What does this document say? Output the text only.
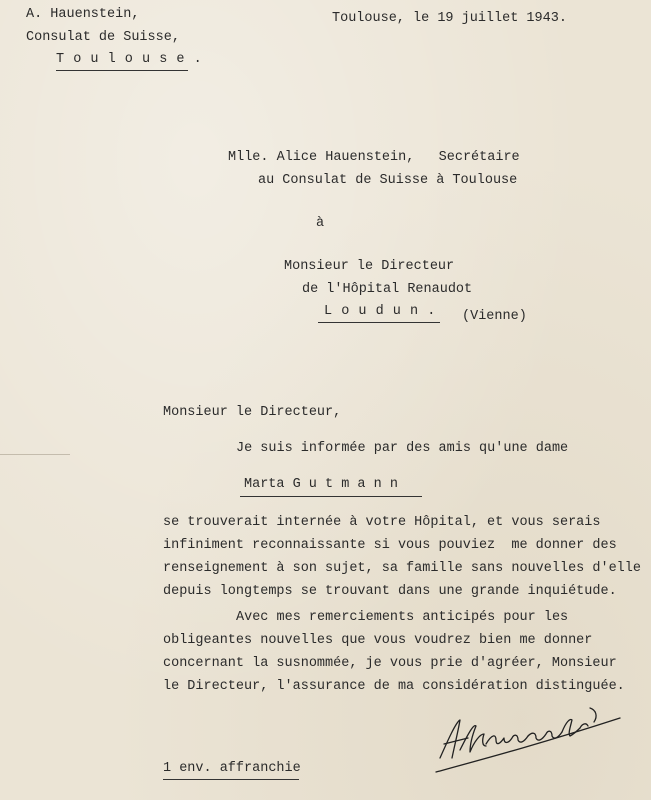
A. Hauenstein,
Consulat de Suisse,
T o u l o u s e .
Toulouse, le 19 juillet 1943.
Mlle. Alice Hauenstein,   Secrétaire
au Consulat de Suisse à Toulouse
à
Monsieur le Directeur
de l'Hôpital Renaudot
L o u d u n . (Vienne)
Monsieur le Directeur,
Je suis informée par des amis qu'une dame
Marta G u t m a n n
se trouverait internée à votre Hôpital, et vous serais
infiniment reconnaissante si vous pouviez  me donner des
renseignement à son sujet, sa famille sans nouvelles d'elle
depuis longtemps se trouvant dans une grande inquiétude.
Avec mes remerciements anticipés pour les
obligeantes nouvelles que vous voudrez bien me donner
concernant la susnommée, je vous prie d'agréer, Monsieur
le Directeur, l'assurance de ma considération distinguée.
1 env. affranchie
